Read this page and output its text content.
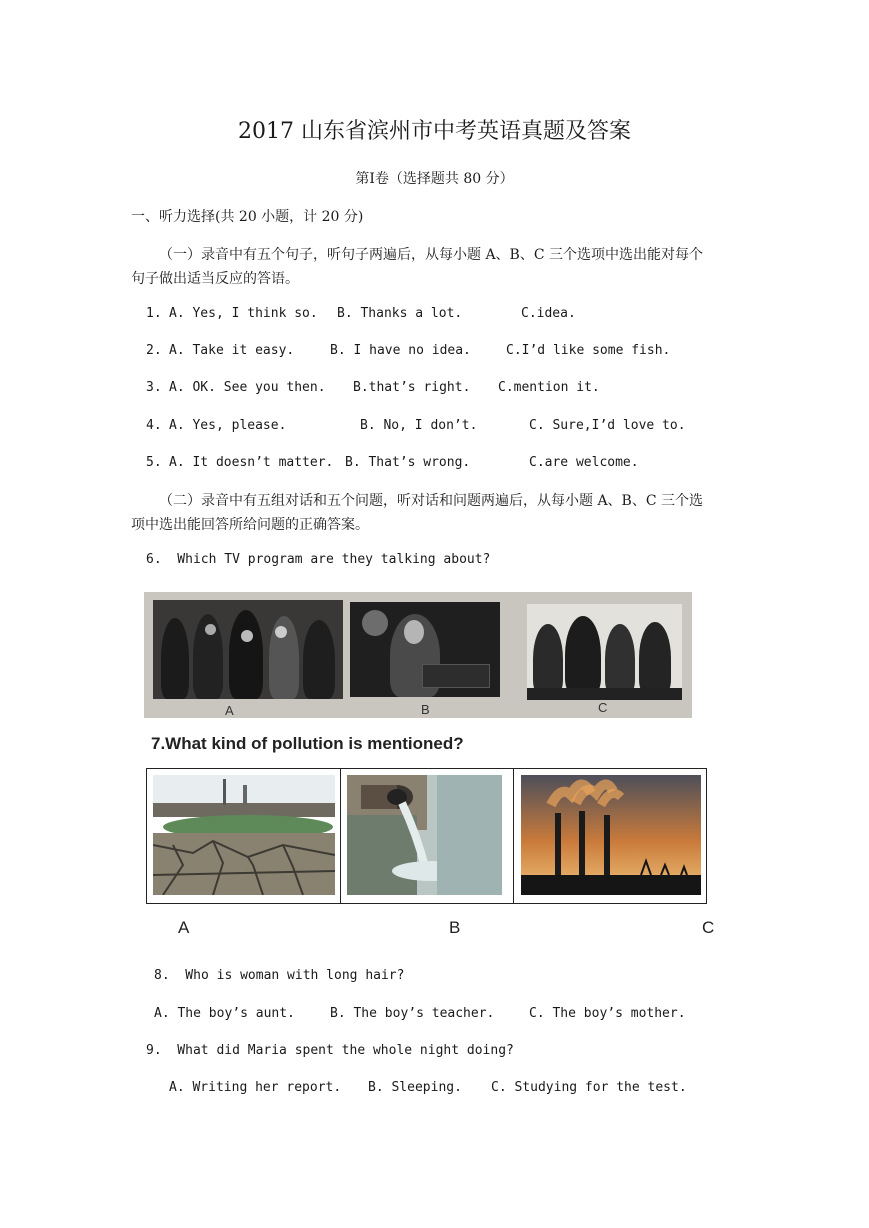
2017 山东省滨州市中考英语真题及答案
第Ⅰ卷（选择题共 80 分）
一、听力选择(共 20 小题，计 20 分)
（一）录音中有五个句子，听句子两遍后，从每小题 A、B、C 三个选项中选出能对每个
句子做出适当反应的答语。
1. A. Yes, I think so. B. Thanks a lot.	C.idea.
2. A. Take it easy.	B. I have no idea.	C.I’d like some fish.
3. A. OK. See you then. B.that’s right. C.mention it.
4. A. Yes, please.	B. No, I don’t.	C. Sure,I’d love to.
5. A. It doesn’t matter. B. That’s wrong.	C.are welcome.
（二）录音中有五组对话和五个问题，听对话和问题两遍后，从每小题 A、B、C 三个选
项中选出能回答所给问题的正确答案。
6.  Which TV program are they talking about?
A	B	C
7.What kind of pollution is mentioned?
A	B	C
8.  Who is woman with long hair?
A. The boy’s aunt.	B. The boy’s teacher.	C. The boy’s mother.
9.  What did Maria spent the whole night doing?
A. Writing her report. B. Sleeping. C. Studying for the test.
